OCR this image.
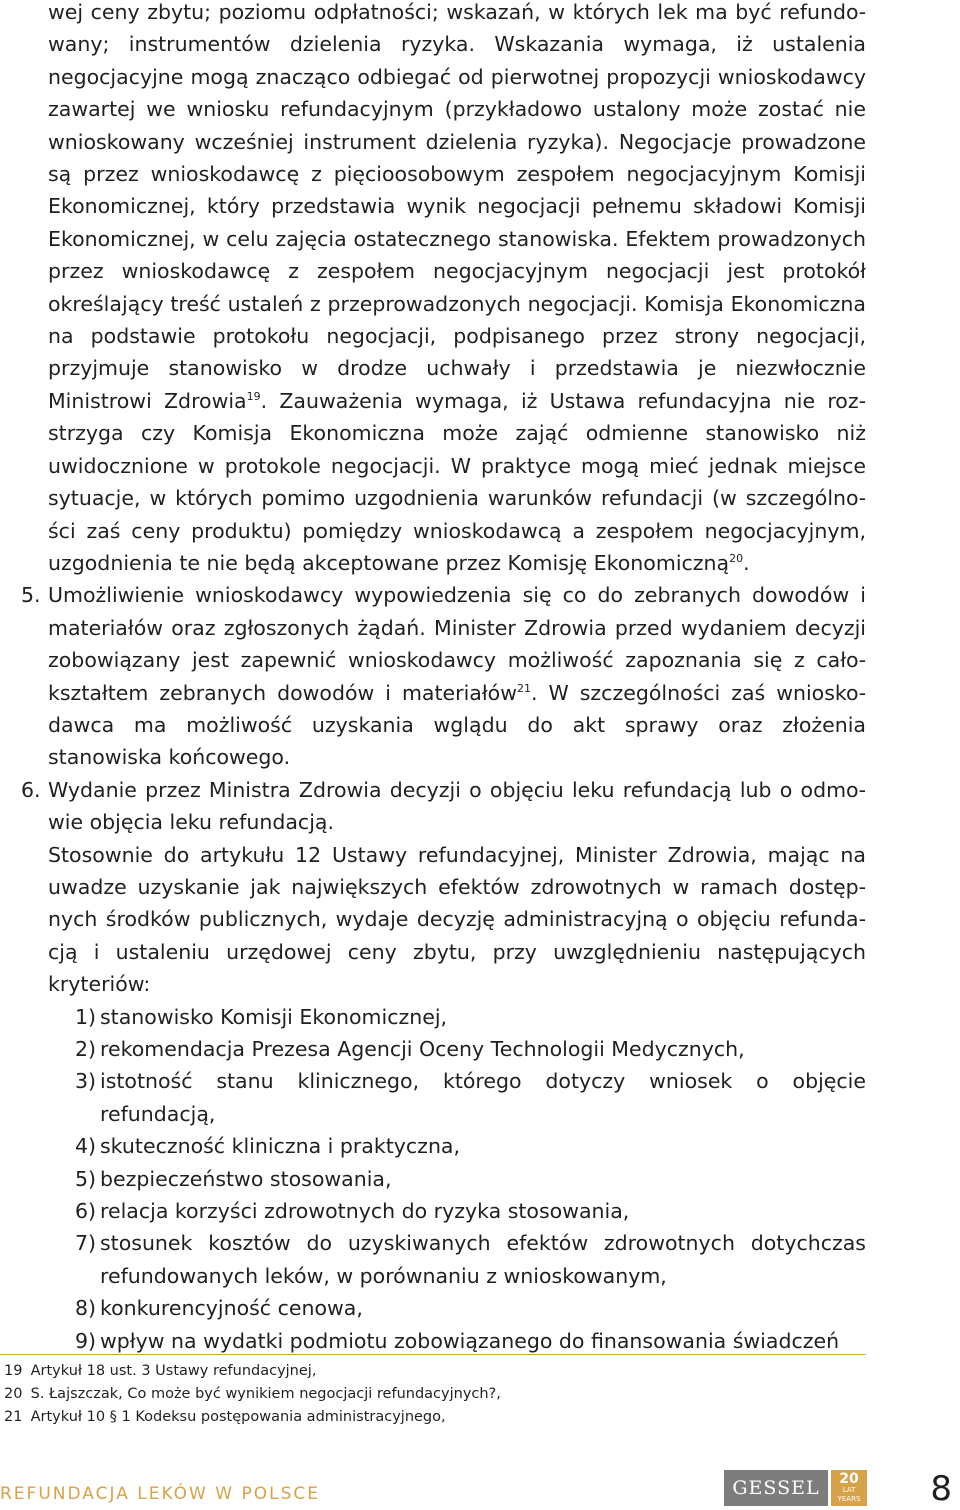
wej ceny zbytu; poziomu odpłatności; wskazań, w których lek ma być refundowany; instrumentów dzielenia ryzyka. Wskazania wymaga, iż ustalenia negocjacyjne mogą znacząco odbiegać od pierwotnej propozycji wnioskodawcy zawartej we wniosku refundacyjnym (przykładowo ustalony może zostać nie wnioskowany wcześniej instrument dzielenia ryzyka). Negocjacje prowadzone są przez wnioskodawcę z pięcioosobowym zespołem negocjacyjnym Komisji Ekonomicznej, który przedstawia wynik negocjacji pełnemu składowi Komisji Ekonomicznej, w celu zajęcia ostatecznego stanowiska. Efektem prowadzonych przez wnioskodawcę z zespołem negocjacyjnym negocjacji jest protokół określający treść ustaleń z przeprowadzonych negocjacji. Komisja Ekonomiczna na podstawie protokołu negocjacji, podpisanego przez strony negocjacji, przyjmuje stanowisko w drodze uchwały i przedstawia je niezwłocznie Ministrowi Zdrowia$^{19}$. Zauważenia wymaga, iż Ustawa refundacyjna nie rozstrzyga czy Komisja Ekonomiczna może zająć odmienne stanowisko niż uwidocznione w protokole negocjacji. W praktyce mogą mieć jednak miejsce sytuacje, w których pomimo uzgodnienia warunków refundacji (w szczególności zaś ceny produktu) pomiędzy wnioskodawcą a zespołem negocjacyjnym, uzgodnienia te nie będą akceptowane przez Komisję Ekonomiczną$^{20}$.

5. Umożliwienie wnioskodawcy wypowiedzenia się co do zebranych dowodów i materiałów oraz zgłoszonych żądań. Minister Zdrowia przed wydaniem decyzji zobowiązany jest zapewnić wnioskodawcy możliwość zapoznania się z całokształtem zebranych dowodów i materiałów$^{21}$. W szczególności zaś wnioskodawca ma możliwość uzyskania wglądu do akt sprawy oraz złożenia stanowiska końcowego.

6. Wydanie przez Ministra Zdrowia decyzji o objęciu leku refundacją lub o odmowie objęcia leku refundacją.

Stosownie do artykułu 12 Ustawy refundacyjnej, Minister Zdrowia, mając na uwadze uzyskanie jak największych efektów zdrowotnych w ramach dostępnych środków publicznych, wydaje decyzję administracyjną o objęciu refundacją i ustaleniu urzędowej ceny zbytu, przy uwzględnieniu następujących kryteriów:

1) stanowisko Komisji Ekonomicznej,
2) rekomendacja Prezesa Agencji Oceny Technologii Medycznych,
3) istotność stanu klinicznego, którego dotyczy wniosek o objęcie refundacją,
4) skuteczność kliniczna i praktyczna,
5) bezpieczeństwo stosowania,
6) relacja korzyści zdrowotnych do ryzyka stosowania,
7) stosunek kosztów do uzyskiwanych efektów zdrowotnych dotychczas refundowanych leków, w porównaniu z wnioskowanym,
8) konkurencyjność cenowa,
9) wpływ na wydatki podmiotu zobowiązanego do finansowania świadczeń
19 Artykuł 18 ust. 3 Ustawy refundacyjnej,
20 S. Łajszczak, Co może być wynikiem negocjacji refundacyjnych?,
21 Artykuł 10 § 1 Kodeksu postępowania administracyjnego,
REFUNDACJA LEKÓW W POLSCE	GESSEL	20
LAT
YEARS	8
